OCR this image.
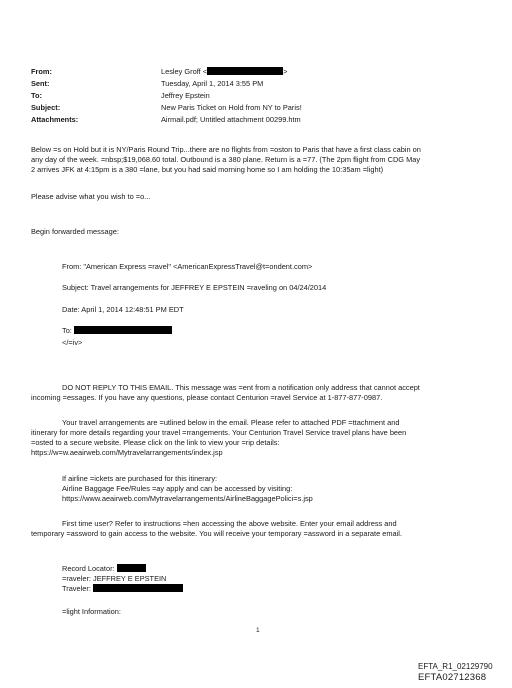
From:	Lesley Groff <	>
Sent:	Tuesday, April 1, 2014 3:55 PM
To:	Jeffrey Epstein
Subject:	New Paris Ticket on Hold from NY to Paris!
Attachments:	Airmail.pdf; Untitled attachment 00299.htm
Below =s on Hold but it is NY/Paris Round Trip...there are no flights from =oston to Paris that have a first class cabin on
any day of the week. =nbsp;$19,068.60 total. Outbound is a 380 plane. Return is a =77. (The 2pm flight from CDG May
2 arrives JFK at 4:15pm is a 380 =lane, but you had said morning home so I am holding the 10:35am =light)
Please advise what you wish to =o...
Begin forwarded message:
From: "American Express =ravel" <AmericanExpressTravel@t=ondent.com>
Subject: Travel arrangements for JEFFREY E EPSTEIN =raveling on 04/24/2014
Date: April 1, 2014 12:48:51 PM EDT
To:
</=iv>
DO NOT REPLY TO THIS EMAIL. This message was =ent from a notification only address that cannot accept
incoming =essages. If you have any questions, please contact Centurion =ravel Service at 1-877-877-0987.
Your travel arrangements are =utlined below in the email. Please refer to attached PDF =ttachment and
itinerary for more details regarding your travel =rrangements. Your Centurion Travel Service travel plans have been
=osted to a secure website. Please click on the link to view your =rip details:
https://w=w.aeairweb.com/Mytravelarrangements/index.jsp
If airline =ickets are purchased for this itinerary:
Airline Baggage Fee/Rules =ay apply and can be accessed by visiting:
https://www.aeairweb.com/Mytravelarrangements/AirlineBaggagePolici=s.jsp
First time user? Refer to instructions =hen accessing the above website. Enter your email address and
temporary =assword to gain access to the website. You will receive your temporary =assword in a separate email.
Record Locator:
=raveler: JEFFREY E EPSTEIN
Traveler:
=light Information:
1
EFTA_R1_02129790
EFTA02712368
